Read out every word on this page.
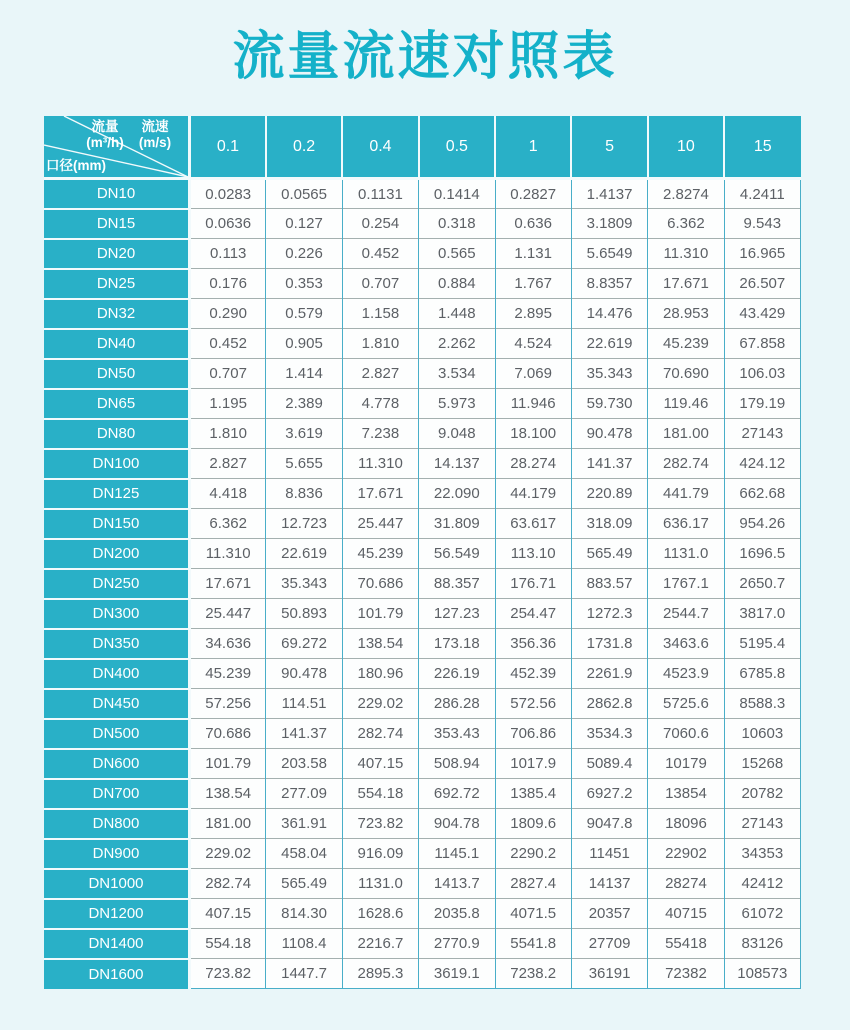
流量流速对照表
流量
(m³/h)
流速
(m/s)
口径(mm)	0.1	0.2	0.4	0.5	1	5	10	15
DN10	0.0283	0.0565	0.1131	0.1414	0.2827	1.4137	2.8274	4.2411
DN15	0.0636	0.127	0.254	0.318	0.636	3.1809	6.362	9.543
DN20	0.113	0.226	0.452	0.565	1.131	5.6549	11.310	16.965
DN25	0.176	0.353	0.707	0.884	1.767	8.8357	17.671	26.507
DN32	0.290	0.579	1.158	1.448	2.895	14.476	28.953	43.429
DN40	0.452	0.905	1.810	2.262	4.524	22.619	45.239	67.858
DN50	0.707	1.414	2.827	3.534	7.069	35.343	70.690	106.03
DN65	1.195	2.389	4.778	5.973	11.946	59.730	119.46	179.19
DN80	1.810	3.619	7.238	9.048	18.100	90.478	181.00	27143
DN100	2.827	5.655	11.310	14.137	28.274	141.37	282.74	424.12
DN125	4.418	8.836	17.671	22.090	44.179	220.89	441.79	662.68
DN150	6.362	12.723	25.447	31.809	63.617	318.09	636.17	954.26
DN200	11.310	22.619	45.239	56.549	113.10	565.49	1131.0	1696.5
DN250	17.671	35.343	70.686	88.357	176.71	883.57	1767.1	2650.7
DN300	25.447	50.893	101.79	127.23	254.47	1272.3	2544.7	3817.0
DN350	34.636	69.272	138.54	173.18	356.36	1731.8	3463.6	5195.4
DN400	45.239	90.478	180.96	226.19	452.39	2261.9	4523.9	6785.8
DN450	57.256	114.51	229.02	286.28	572.56	2862.8	5725.6	8588.3
DN500	70.686	141.37	282.74	353.43	706.86	3534.3	7060.6	10603
DN600	101.79	203.58	407.15	508.94	1017.9	5089.4	10179	15268
DN700	138.54	277.09	554.18	692.72	1385.4	6927.2	13854	20782
DN800	181.00	361.91	723.82	904.78	1809.6	9047.8	18096	27143
DN900	229.02	458.04	916.09	1145.1	2290.2	11451	22902	34353
DN1000	282.74	565.49	1131.0	1413.7	2827.4	14137	28274	42412
DN1200	407.15	814.30	1628.6	2035.8	4071.5	20357	40715	61072
DN1400	554.18	1108.4	2216.7	2770.9	5541.8	27709	55418	83126
DN1600	723.82	1447.7	2895.3	3619.1	7238.2	36191	72382	108573
